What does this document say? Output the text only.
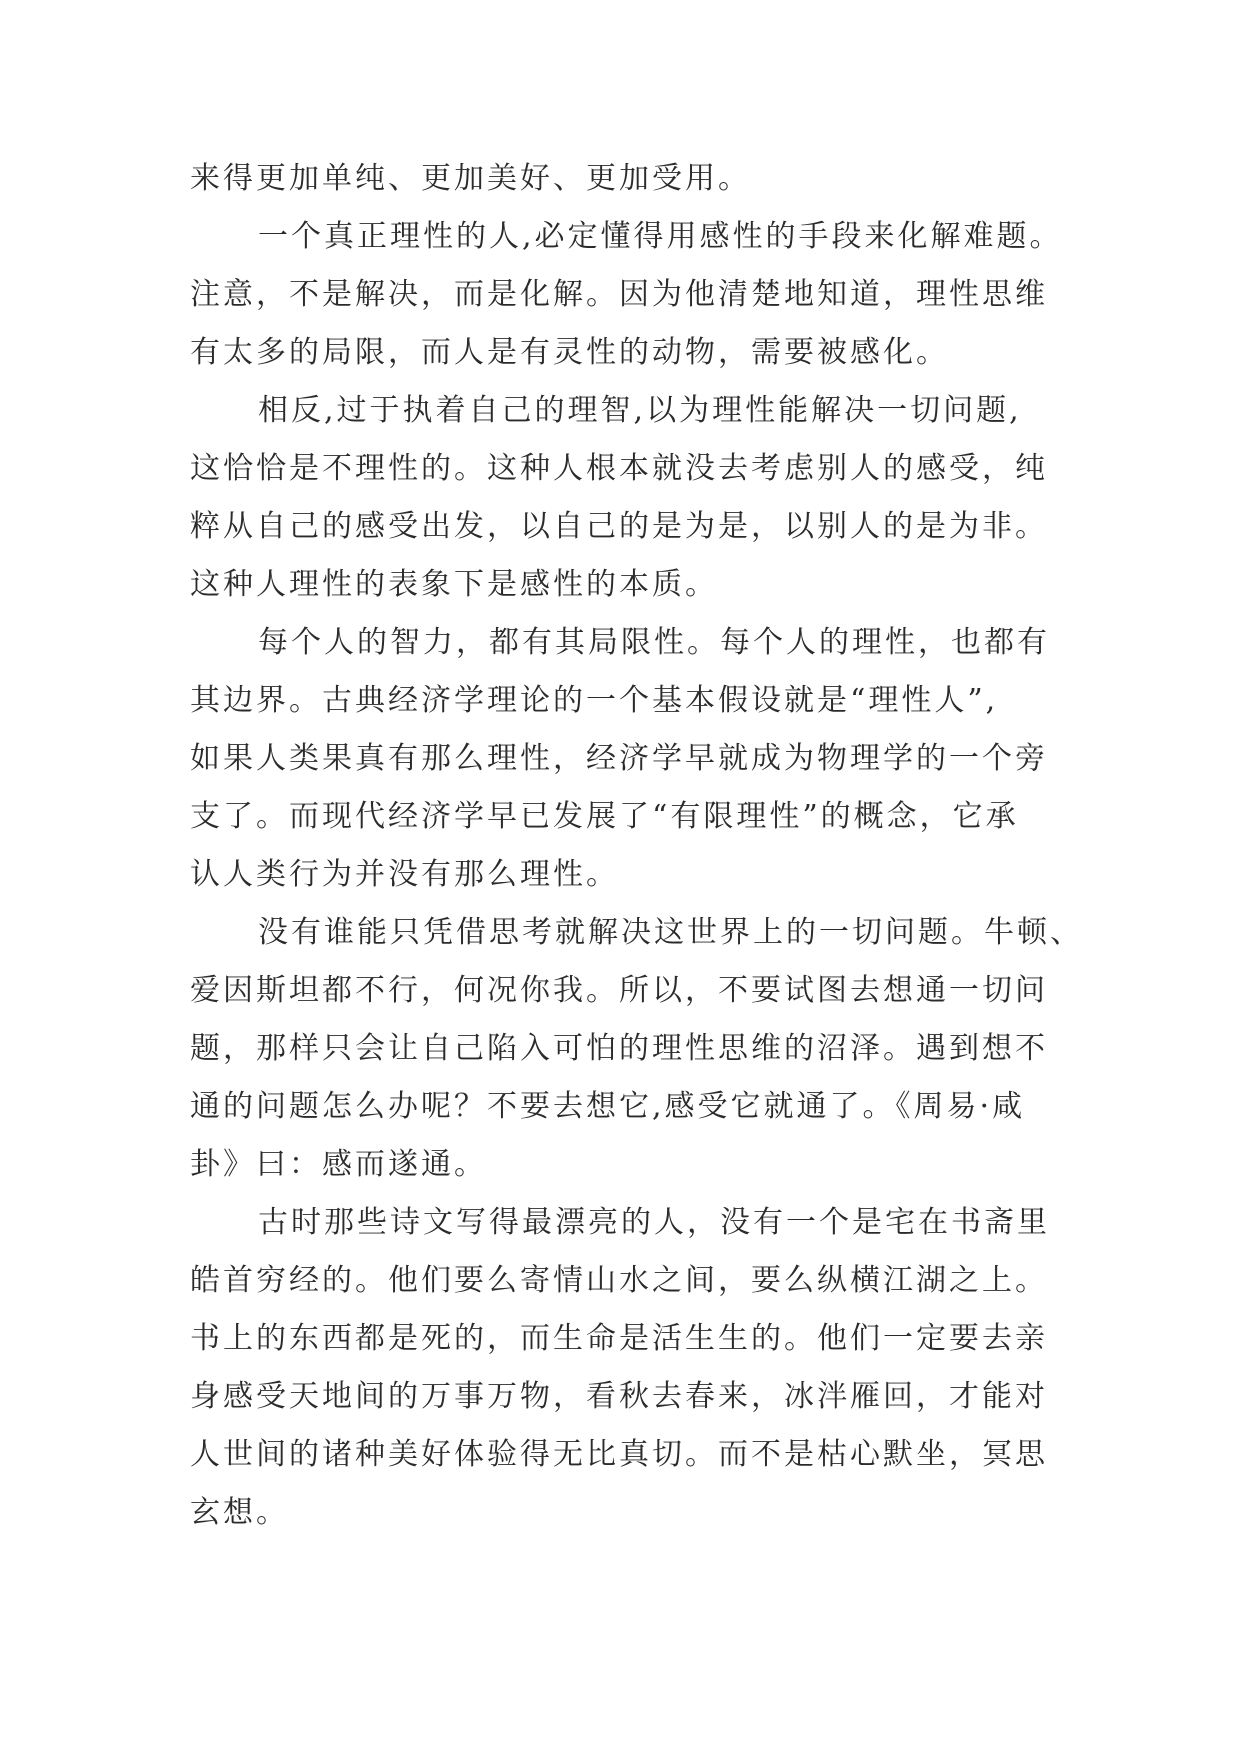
来得更加单纯、更加美好、更加受用。
一个真正理性的人,必定懂得用感性的手段来化解难题。
注意，不是解决，而是化解。因为他清楚地知道，理性思维
有太多的局限，而人是有灵性的动物，需要被感化。
相反,过于执着自己的理智,以为理性能解决一切问题,
这恰恰是不理性的。这种人根本就没去考虑别人的感受，纯
粹从自己的感受出发，以自己的是为是，以别人的是为非。
这种人理性的表象下是感性的本质。
每个人的智力，都有其局限性。每个人的理性，也都有
其边界。古典经济学理论的一个基本假设就是“理性人”,
如果人类果真有那么理性，经济学早就成为物理学的一个旁
支了。而现代经济学早已发展了“有限理性”的概念，它承
认人类行为并没有那么理性。
没有谁能只凭借思考就解决这世界上的一切问题。牛顿、
爱因斯坦都不行，何况你我。所以，不要试图去想通一切问
题，那样只会让自己陷入可怕的理性思维的沼泽。遇到想不
通的问题怎么办呢？不要去想它,感受它就通了。《周易·咸
卦》曰：感而遂通。
古时那些诗文写得最漂亮的人，没有一个是宅在书斋里
皓首穷经的。他们要么寄情山水之间，要么纵横江湖之上。
书上的东西都是死的，而生命是活生生的。他们一定要去亲
身感受天地间的万事万物，看秋去春来，冰泮雁回，才能对
人世间的诸种美好体验得无比真切。而不是枯心默坐，冥思
玄想。
